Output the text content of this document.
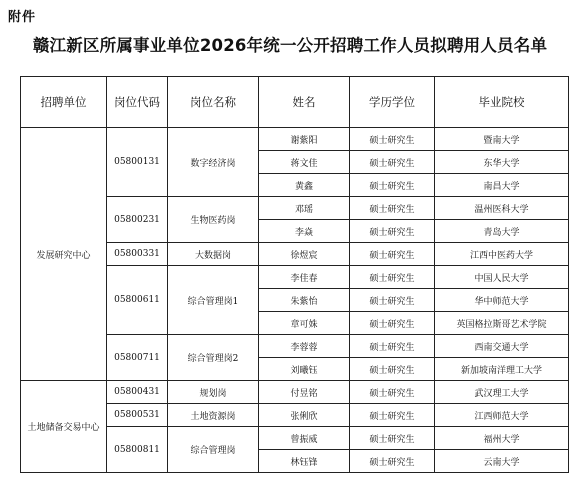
附件
赣江新区所属事业单位2026年统一公开招聘工作人员拟聘用人员名单
招聘单位	岗位代码	岗位名称	姓名	学历学位	毕业院校
发展研究中心	05800131	数字经济岗	谢紫阳	硕士研究生	暨南大学
			蒋文佳	硕士研究生	东华大学
			黄鑫	硕士研究生	南昌大学
	05800231	生物医药岗	邓瑶	硕士研究生	温州医科大学
			李焱	硕士研究生	青岛大学
	05800331	大数据岗	徐煜宸	硕士研究生	江西中医药大学
	05800611	综合管理岗1	李佳春	硕士研究生	中国人民大学
			朱紫怡	硕士研究生	华中师范大学
			章可姝	硕士研究生	英国格拉斯哥艺术学院
	05800711	综合管理岗2	李蓉蓉	硕士研究生	西南交通大学
			刘曦钰	硕士研究生	新加坡南洋理工大学
土地储备交易中心	05800431	规划岗	付昱铭	硕士研究生	武汉理工大学
	05800531	土地资源岗	张俐欣	硕士研究生	江西师范大学
	05800811	综合管理岗	曾振威	硕士研究生	福州大学
			林钰锋	硕士研究生	云南大学
